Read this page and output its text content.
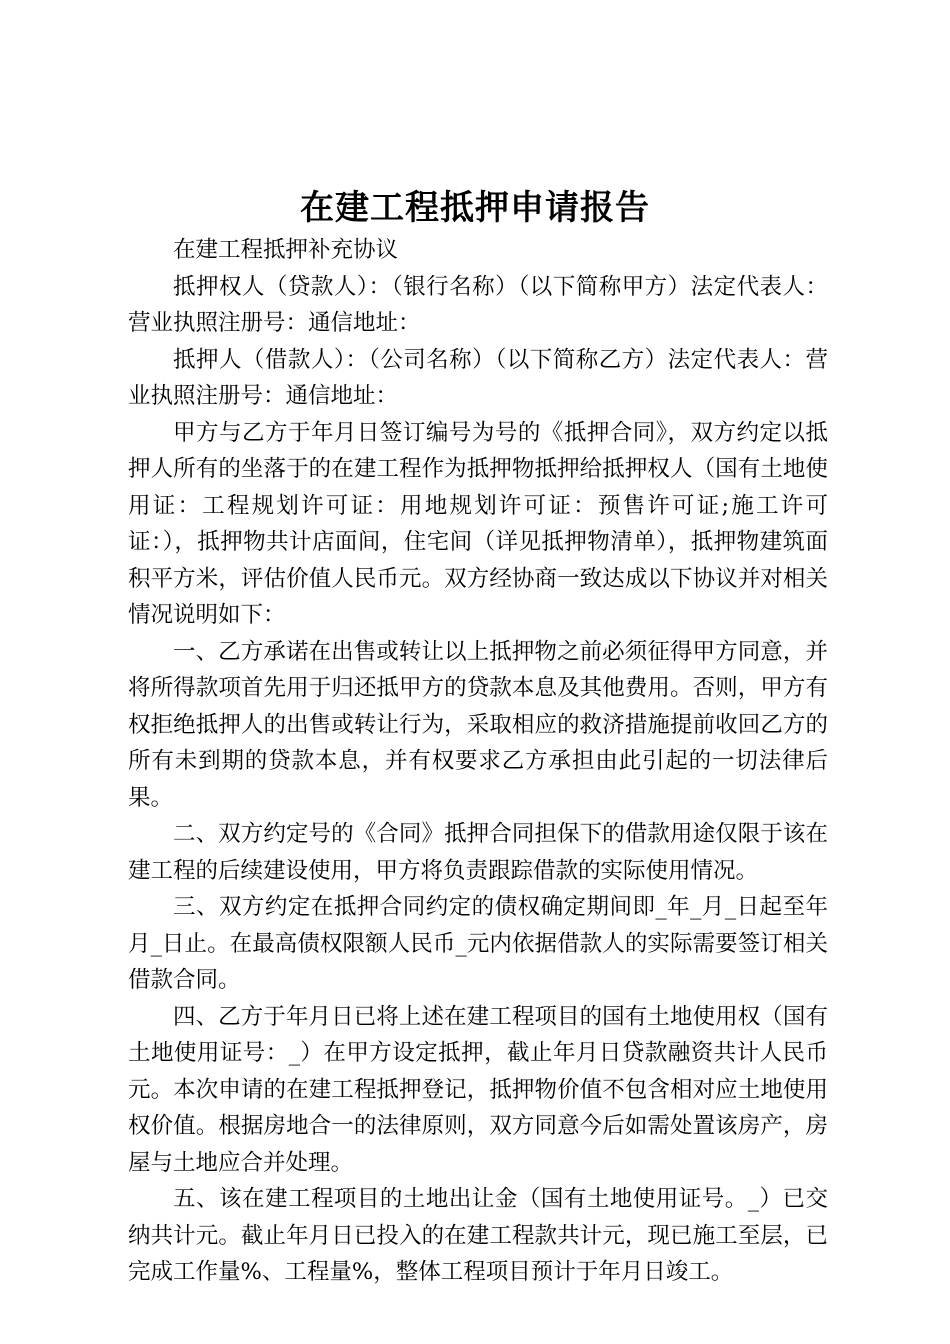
在建工程抵押申请报告

在建工程抵押补充协议

抵押权人（贷款人）：（银行名称）（以下简称甲方）法定代表人：营业执照注册号：通信地址：

抵押人（借款人）：（公司名称）（以下简称乙方）法定代表人：营业执照注册号：通信地址：

甲方与乙方于年月日签订编号为号的《抵押合同》，双方约定以抵押人所有的坐落于的在建工程作为抵押物抵押给抵押权人（国有土地使用证：工程规划许可证：用地规划许可证：预售许可证;施工许可证：），抵押物共计店面间，住宅间（详见抵押物清单），抵押物建筑面积平方米，评估价值人民币元。双方经协商一致达成以下协议并对相关情况说明如下：

一、乙方承诺在出售或转让以上抵押物之前必须征得甲方同意，并将所得款项首先用于归还抵甲方的贷款本息及其他费用。否则，甲方有权拒绝抵押人的出售或转让行为，采取相应的救济措施提前收回乙方的所有未到期的贷款本息，并有权要求乙方承担由此引起的一切法律后果。

二、双方约定号的《合同》抵押合同担保下的借款用途仅限于该在建工程的后续建设使用，甲方将负责跟踪借款的实际使用情况。

三、双方约定在抵押合同约定的债权确定期间即_年_月_日起至年月_日止。在最高债权限额人民币_元内依据借款人的实际需要签订相关借款合同。

四、乙方于年月日已将上述在建工程项目的国有土地使用权（国有土地使用证号：_）在甲方设定抵押，截止年月日贷款融资共计人民币元。本次申请的在建工程抵押登记，抵押物价值不包含相对应土地使用权价值。根据房地合一的法律原则，双方同意今后如需处置该房产，房屋与土地应合并处理。

五、该在建工程项目的土地出让金（国有土地使用证号。_）已交纳共计元。截止年月日已投入的在建工程款共计元，现已施工至层，已完成工作量%、工程量%，整体工程项目预计于年月日竣工。
